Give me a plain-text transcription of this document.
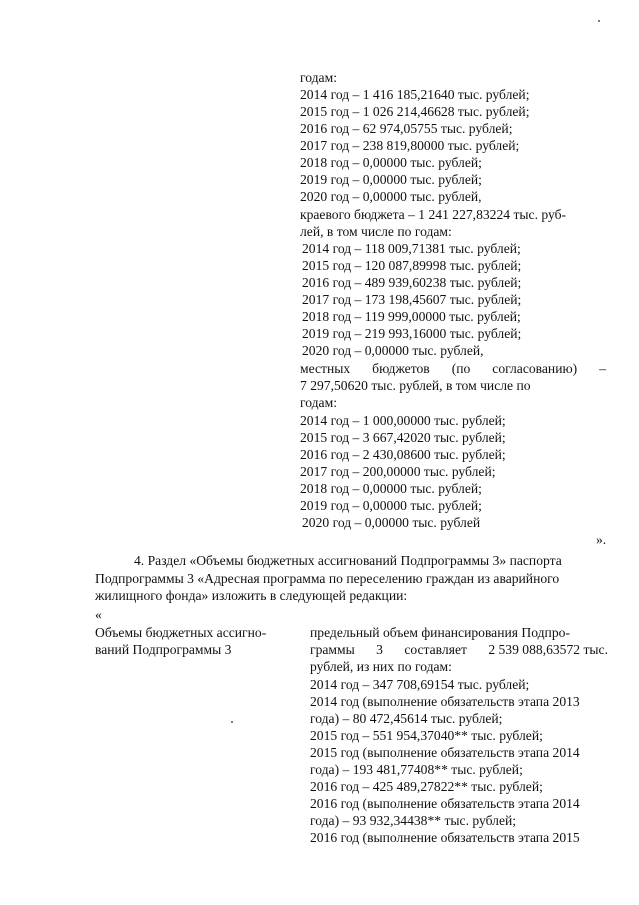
годам:
2014 год – 1 416 185,21640 тыс. рублей;
2015 год – 1 026 214,46628 тыс. рублей;
2016 год – 62 974,05755 тыс. рублей;
2017 год – 238 819,80000 тыс. рублей;
2018 год – 0,00000 тыс. рублей;
2019 год – 0,00000 тыс. рублей;
2020 год – 0,00000 тыс. рублей,
краевого бюджета – 1 241 227,83224 тыс. руб-
лей, в том числе по годам:
2014 год – 118 009,71381 тыс. рублей;
2015 год – 120 087,89998 тыс. рублей;
2016 год – 489 939,60238 тыс. рублей;
2017 год – 173 198,45607 тыс. рублей;
2018 год – 119 999,00000 тыс. рублей;
2019 год – 219 993,16000 тыс. рублей;
2020 год – 0,00000 тыс. рублей,
местных бюджетов (по согласованию) –
7 297,50620 тыс. рублей, в том числе по
годам:
2014 год – 1 000,00000 тыс. рублей;
2015 год – 3 667,42020 тыс. рублей;
2016 год – 2 430,08600 тыс. рублей;
2017 год – 200,00000 тыс. рублей;
2018 год – 0,00000 тыс. рублей;
2019 год – 0,00000 тыс. рублей;
2020 год – 0,00000 тыс. рублей
».
4. Раздел «Объемы бюджетных ассигнований Подпрограммы 3» паспорта
Подпрограммы 3 «Адресная программа по переселению граждан из аварийного
жилищного фонда» изложить в следующей редакции:
«
Объемы бюджетных ассигно-
ваний Подпрограммы 3
предельный объем финансирования Подпро-
граммы 3 составляет 2 539 088,63572 тыс.
рублей, из них по годам:
2014 год – 347 708,69154 тыс. рублей;
2014 год (выполнение обязательств этапа 2013
года) – 80 472,45614 тыс. рублей;
2015 год – 551 954,37040** тыс. рублей;
2015 год (выполнение обязательств этапа 2014
года) – 193 481,77408** тыс. рублей;
2016 год – 425 489,27822** тыс. рублей;
2016 год (выполнение обязательств этапа 2014
года) – 93 932,34438** тыс. рублей;
2016 год (выполнение обязательств этапа 2015
